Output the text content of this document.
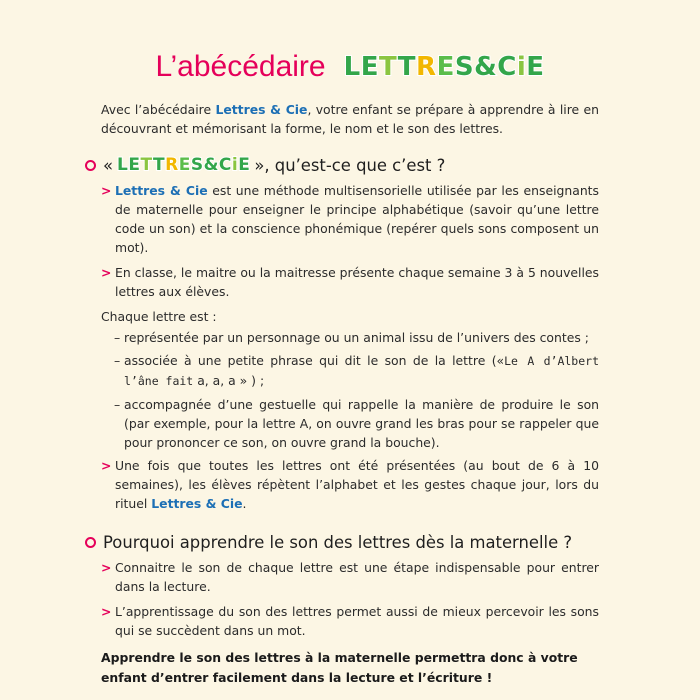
L’abécédaire LETTRES&CiE

Avec l’abécédaire Lettres & Cie, votre enfant se prépare à apprendre à lire en découvrant et mémorisant la forme, le nom et le son des lettres.

« LETTRES&CiE », qu’est-ce que c’est ?
> Lettres & Cie est une méthode multisensorielle utilisée par les enseignants de maternelle pour enseigner le principe alphabétique (savoir qu’une lettre code un son) et la conscience phonémique (repérer quels sons composent un mot).
> En classe, le maitre ou la maitresse présente chaque semaine 3 à 5 nouvelles lettres aux élèves.

Chaque lettre est :

– représentée par un personnage ou un animal issu de l’univers des contes ;
– associée à une petite phrase qui dit le son de la lettre («Le A d’Albert l’âne fait a, a, a » ) ;
– accompagnée d’une gestuelle qui rappelle la manière de produire le son (par exemple, pour la lettre A, on ouvre grand les bras pour se rappeler que pour prononcer ce son, on ouvre grand la bouche).
> Une fois que toutes les lettres ont été présentées (au bout de 6 à 10 semaines), les élèves répètent l’alphabet et les gestes chaque jour, lors du rituel Lettres & Cie.
Pourquoi apprendre le son des lettres dès la maternelle ?
> Connaitre le son de chaque lettre est une étape indispensable pour entrer dans la lecture.
> L’apprentissage du son des lettres permet aussi de mieux percevoir les sons qui se succèdent dans un mot.

Apprendre le son des lettres à la maternelle permettra donc à votre enfant d’entrer facilement dans la lecture et l’écriture !
